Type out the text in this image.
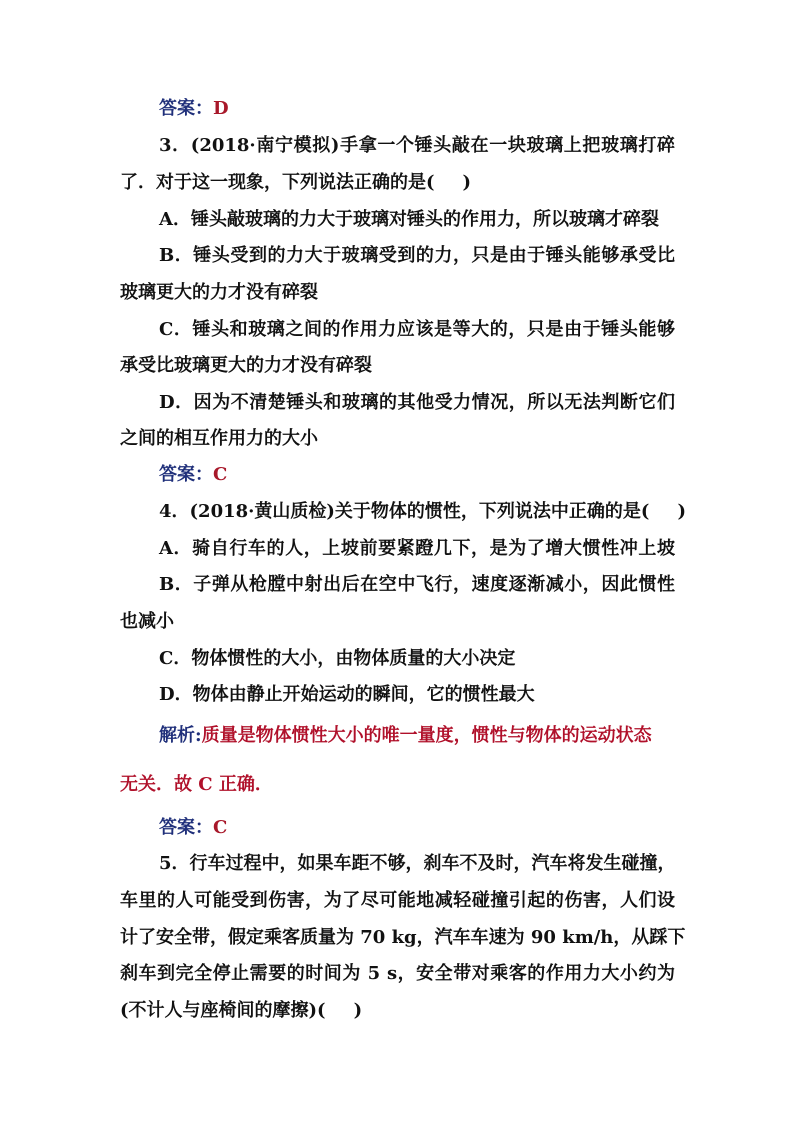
答案：D
3．(2018·南宁模拟)手拿一个锤头敲在一块玻璃上把玻璃打碎
了．对于这一现象，下列说法正确的是( )
A．锤头敲玻璃的力大于玻璃对锤头的作用力，所以玻璃才碎裂
B．锤头受到的力大于玻璃受到的力，只是由于锤头能够承受比
玻璃更大的力才没有碎裂
C．锤头和玻璃之间的作用力应该是等大的，只是由于锤头能够
承受比玻璃更大的力才没有碎裂
D．因为不清楚锤头和玻璃的其他受力情况，所以无法判断它们
之间的相互作用力的大小
答案：C
4．(2018·黄山质检)关于物体的惯性，下列说法中正确的是( )
A．骑自行车的人，上坡前要紧蹬几下，是为了增大惯性冲上坡
B．子弹从枪膛中射出后在空中飞行，速度逐渐减小，因此惯性
也减小
C．物体惯性的大小，由物体质量的大小决定
D．物体由静止开始运动的瞬间，它的惯性最大
解析:质量是物体惯性大小的唯一量度，惯性与物体的运动状态
无关．故 C 正确．
答案：C
5．行车过程中，如果车距不够，刹车不及时，汽车将发生碰撞，
车里的人可能受到伤害，为了尽可能地减轻碰撞引起的伤害，人们设
计了安全带，假定乘客质量为 70 kg，汽车车速为 90 km/h，从踩下
刹车到完全停止需要的时间为 5 s，安全带对乘客的作用力大小约为
(不计人与座椅间的摩擦)( )
